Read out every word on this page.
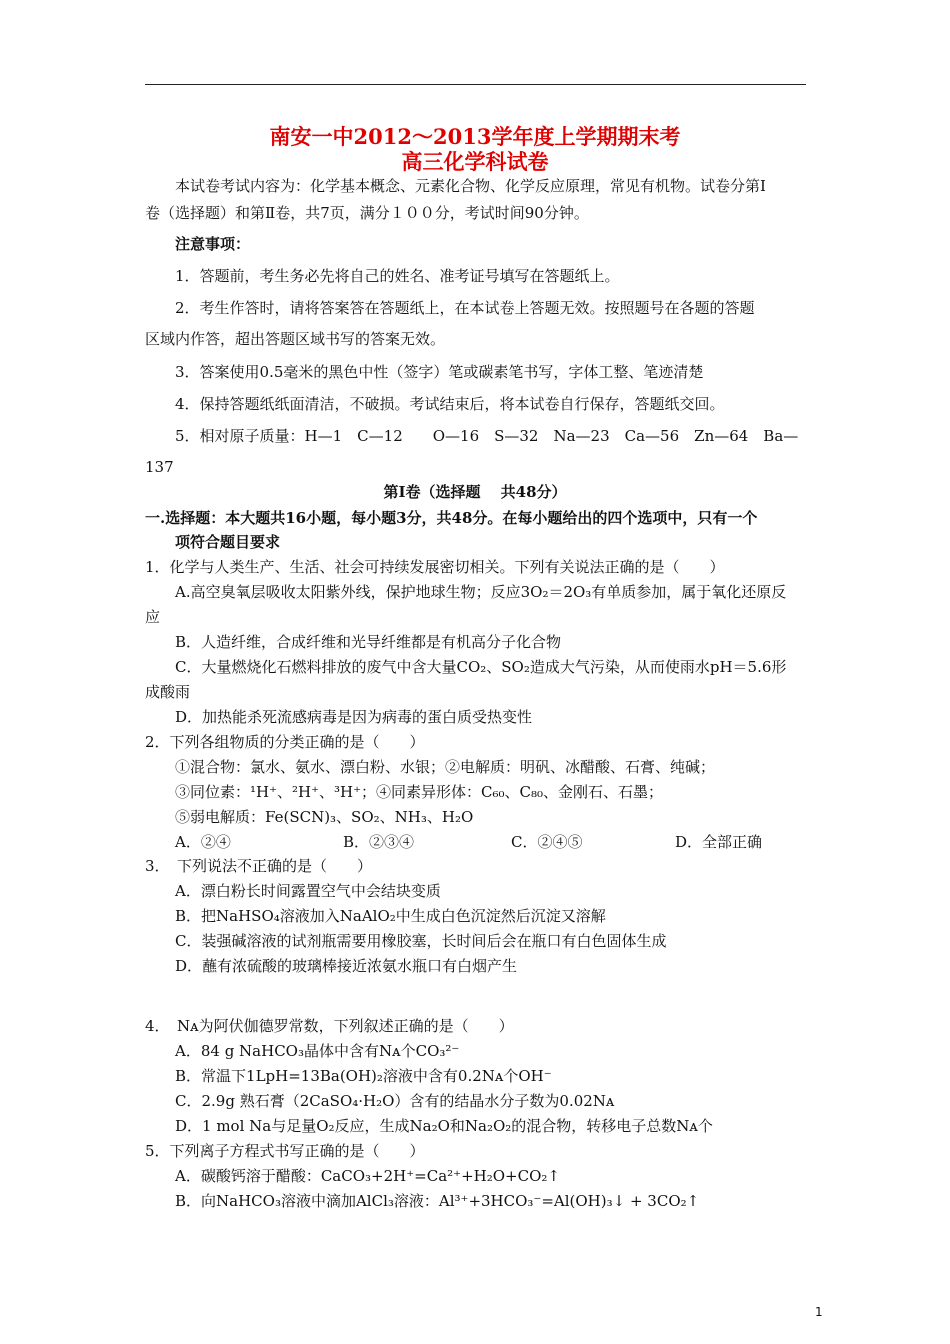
南安一中2012～2013学年度上学期期末考
高三化学科试卷
本试卷考试内容为：化学基本概念、元素化合物、化学反应原理，常见有机物。试卷分第Ⅰ
卷（选择题）和第Ⅱ卷，共7页，满分１００分，考试时间90分钟。
注意事项：
1．答题前，考生务必先将自己的姓名、准考证号填写在答题纸上。
2．考生作答时，请将答案答在答题纸上，在本试卷上答题无效。按照题号在各题的答题
区域内作答，超出答题区域书写的答案无效。
3．答案使用0.5毫米的黑色中性（签字）笔或碳素笔书写，字体工整、笔迹清楚
4．保持答题纸纸面清洁，不破损。考试结束后，将本试卷自行保存，答题纸交回。
5．相对原子质量：H—1　C—12　　O—16　S—32　Na—23　Ca—56　Zn—64　Ba—
137
第Ⅰ卷（选择题　 共48分）
一.选择题：本大题共16小题，每小题3分，共48分。在每小题给出的四个选项中，只有一个
项符合题目要求
1．化学与人类生产、生活、社会可持续发展密切相关。下列有关说法正确的是（　　）
A.高空臭氧层吸收太阳紫外线，保护地球生物；反应3O₂＝2O₃有单质参加，属于氧化还原反
应
B．人造纤维，合成纤维和光导纤维都是有机高分子化合物
C．大量燃烧化石燃料排放的废气中含大量CO₂、SO₂造成大气污染，从而使雨水pH＝5.6形
成酸雨
D．加热能杀死流感病毒是因为病毒的蛋白质受热变性
2．下列各组物质的分类正确的是（　　）
①混合物：氯水、氨水、漂白粉、水银；②电解质：明矾、冰醋酸、石膏、纯碱；
③同位素：¹H⁺、²H⁺、³H⁺；④同素异形体：C₆₀、C₈₀、金刚石、石墨；
⑤弱电解质：Fe(SCN)₃、SO₂、NH₃、H₂O
A．②④	B．②③④	C．②④⑤	D．全部正确
3．　下列说法不正确的是（　　）
A．漂白粉长时间露置空气中会结块变质
B．把NaHSO₄溶液加入NaAlO₂中生成白色沉淀然后沉淀又溶解
C．装强碱溶液的试剂瓶需要用橡胶塞，长时间后会在瓶口有白色固体生成
D．蘸有浓硫酸的玻璃棒接近浓氨水瓶口有白烟产生
4．　Nᴀ为阿伏伽德罗常数，下列叙述正确的是（　　）
A．84 g NaHCO₃晶体中含有Nᴀ个CO₃²⁻
B．常温下1LpH=13Ba(OH)₂溶液中含有0.2Nᴀ个OH⁻
C．2.9g 熟石膏（2CaSO₄·H₂O）含有的结晶水分子数为0.02Nᴀ
D．1 mol Na与足量O₂反应，生成Na₂O和Na₂O₂的混合物，转移电子总数Nᴀ个
5．下列离子方程式书写正确的是（　　）
A．碳酸钙溶于醋酸：CaCO₃+2H⁺=Ca²⁺+H₂O+CO₂↑
B．向NaHCO₃溶液中滴加AlCl₃溶液：Al³⁺+3HCO₃⁻=Al(OH)₃↓ + 3CO₂↑
1
